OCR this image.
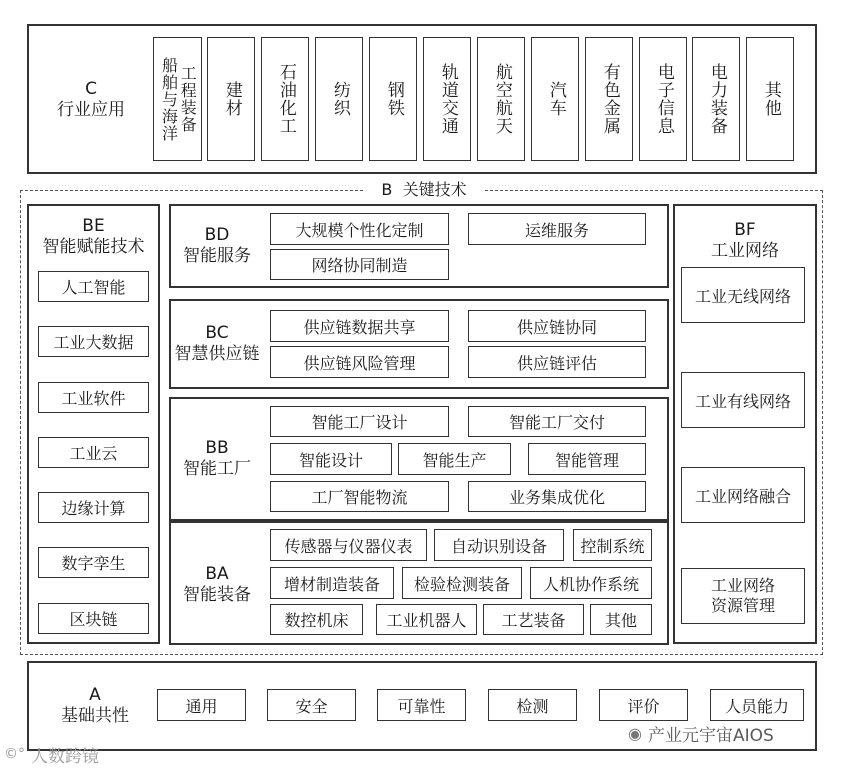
C
行业应用	工程装备
船舶与海洋	建材 石油化工 纺织 钢铁 轨道交通 航空航天 汽车 有色金属 电子信息 电力装备 其他
B  关键技术
BE
智能赋能技术
人工智能
工业大数据
工业软件
工业云
边缘计算
数字孪生
区块链
BF
工业网络
工业无线网络
工业有线网络
工业网络融合
工业网络
资源管理
BD
智能服务
大规模个性化定制	运维服务
网络协同制造
BC
智慧供应链
供应链数据共享	供应链协同
供应链风险管理	供应链评估
BB
智能工厂
智能工厂设计	智能工厂交付
智能设计	智能生产	智能管理
工厂智能物流	业务集成优化
BA
智能装备
传感器与仪器仪表 自动识别设备 控制系统
增材制造装备 检验检测装备 人机协作系统
数控机床 工业机器人 工艺装备 其他
A
基础共性	通用	安全	可靠性	检测	评价	人员能力
©° 人数跨镜
◉ 产业元宇宙AIOS
